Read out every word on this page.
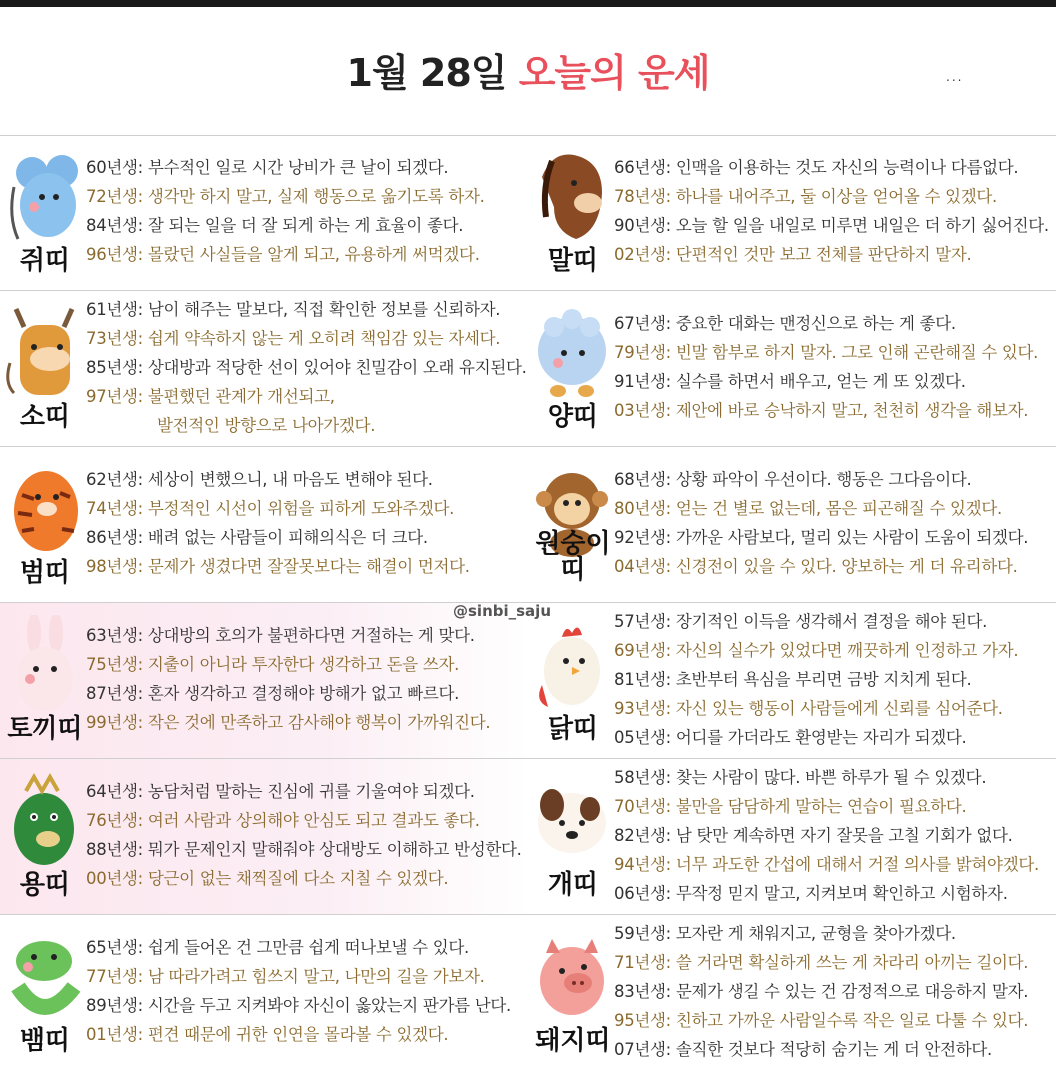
1월 28일 오늘의 운세	...
쥐띠
60년생: 부수적인 일로 시간 낭비가 큰 날이 되겠다.
72년생: 생각만 하지 말고, 실제 행동으로 옮기도록 하자.
84년생: 잘 되는 일을 더 잘 되게 하는 게 효율이 좋다.
96년생: 몰랐던 사실들을 알게 되고, 유용하게 써먹겠다.
소띠
61년생: 남이 해주는 말보다, 직접 확인한 정보를 신뢰하자.
73년생: 쉽게 약속하지 않는 게 오히려 책임감 있는 자세다.
85년생: 상대방과 적당한 선이 있어야 친밀감이 오래 유지된다.
97년생: 불편했던 관계가 개선되고,
발전적인 방향으로 나아가겠다.
범띠
62년생: 세상이 변했으니, 내 마음도 변해야 된다.
74년생: 부정적인 시선이 위험을 피하게 도와주겠다.
86년생: 배려 없는 사람들이 피해의식은 더 크다.
98년생: 문제가 생겼다면 잘잘못보다는 해결이 먼저다.
토끼띠
63년생: 상대방의 호의가 불편하다면 거절하는 게 맞다.
75년생: 지출이 아니라 투자한다 생각하고 돈을 쓰자.
87년생: 혼자 생각하고 결정해야 방해가 없고 빠르다.
99년생: 작은 것에 만족하고 감사해야 행복이 가까워진다.
용띠
64년생: 농담처럼 말하는 진심에 귀를 기울여야 되겠다.
76년생: 여러 사람과 상의해야 안심도 되고 결과도 좋다.
88년생: 뭐가 문제인지 말해줘야 상대방도 이해하고 반성한다.
00년생: 당근이 없는 채찍질에 다소 지칠 수 있겠다.
뱀띠
65년생: 쉽게 들어온 건 그만큼 쉽게 떠나보낼 수 있다.
77년생: 남 따라가려고 힘쓰지 말고, 나만의 길을 가보자.
89년생: 시간을 두고 지켜봐야 자신이 옳았는지 판가름 난다.
01년생: 편견 때문에 귀한 인연을 몰라볼 수 있겠다.
말띠
66년생: 인맥을 이용하는 것도 자신의 능력이나 다름없다.
78년생: 하나를 내어주고, 둘 이상을 얻어올 수 있겠다.
90년생: 오늘 할 일을 내일로 미루면 내일은 더 하기 싫어진다.
02년생: 단편적인 것만 보고 전체를 판단하지 말자.
양띠
67년생: 중요한 대화는 맨정신으로 하는 게 좋다.
79년생: 빈말 함부로 하지 말자. 그로 인해 곤란해질 수 있다.
91년생: 실수를 하면서 배우고, 얻는 게 또 있겠다.
03년생: 제안에 바로 승낙하지 말고, 천천히 생각을 해보자.
원숭이
띠
68년생: 상황 파악이 우선이다. 행동은 그다음이다.
80년생: 얻는 건 별로 없는데, 몸은 피곤해질 수 있겠다.
92년생: 가까운 사람보다, 멀리 있는 사람이 도움이 되겠다.
04년생: 신경전이 있을 수 있다. 양보하는 게 더 유리하다.
닭띠
57년생: 장기적인 이득을 생각해서 결정을 해야 된다.
69년생: 자신의 실수가 있었다면 깨끗하게 인정하고 가자.
81년생: 초반부터 욕심을 부리면 금방 지치게 된다.
93년생: 자신 있는 행동이 사람들에게 신뢰를 심어준다.
05년생: 어디를 가더라도 환영받는 자리가 되겠다.
개띠
58년생: 찾는 사람이 많다. 바쁜 하루가 될 수 있겠다.
70년생: 불만을 담담하게 말하는 연습이 필요하다.
82년생: 남 탓만 계속하면 자기 잘못을 고칠 기회가 없다.
94년생: 너무 과도한 간섭에 대해서 거절 의사를 밝혀야겠다.
06년생: 무작정 믿지 말고, 지켜보며 확인하고 시험하자.
돼지띠
59년생: 모자란 게 채워지고, 균형을 찾아가겠다.
71년생: 쓸 거라면 확실하게 쓰는 게 차라리 아끼는 길이다.
83년생: 문제가 생길 수 있는 건 감정적으로 대응하지 말자.
95년생: 친하고 가까운 사람일수록 작은 일로 다툴 수 있다.
07년생: 솔직한 것보다 적당히 숨기는 게 더 안전하다.
@sinbi_saju
